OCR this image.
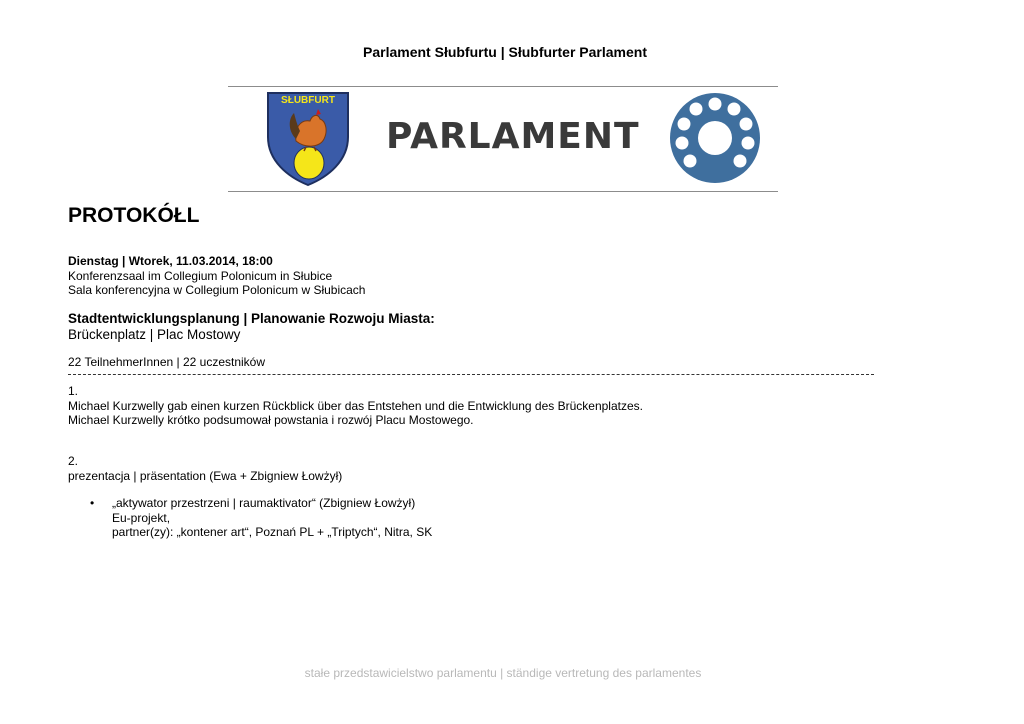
Parlament Słubfurtu | Słubfurter Parlament
SŁUBFURT
PARLAMENT
PROTOKÓŁL
Dienstag | Wtorek, 11.03.2014, 18:00
Konferenzsaal im Collegium Polonicum in Słubice
Sala konferencyjna w Collegium Polonicum w Słubicach
Stadtentwicklungsplanung | Planowanie Rozwoju Miasta:
Brückenplatz | Plac Mostowy
22 TeilnehmerInnen | 22 uczestników
1.
Michael Kurzwelly gab einen kurzen Rückblick über das Entstehen und die Entwicklung des Brückenplatzes.
Michael Kurzwelly krótko podsumował powstania i rozwój Placu Mostowego.
2.
prezentacja | präsentation (Ewa + Zbigniew Łowżył)
• „aktywator przestrzeni | raumaktivator“ (Zbigniew Łowżył)
Eu-projekt,
partner(zy): „kontener art“, Poznań PL + „Triptych“, Nitra, SK
stałe przedstawicielstwo parlamentu | ständige vertretung des parlamentes
